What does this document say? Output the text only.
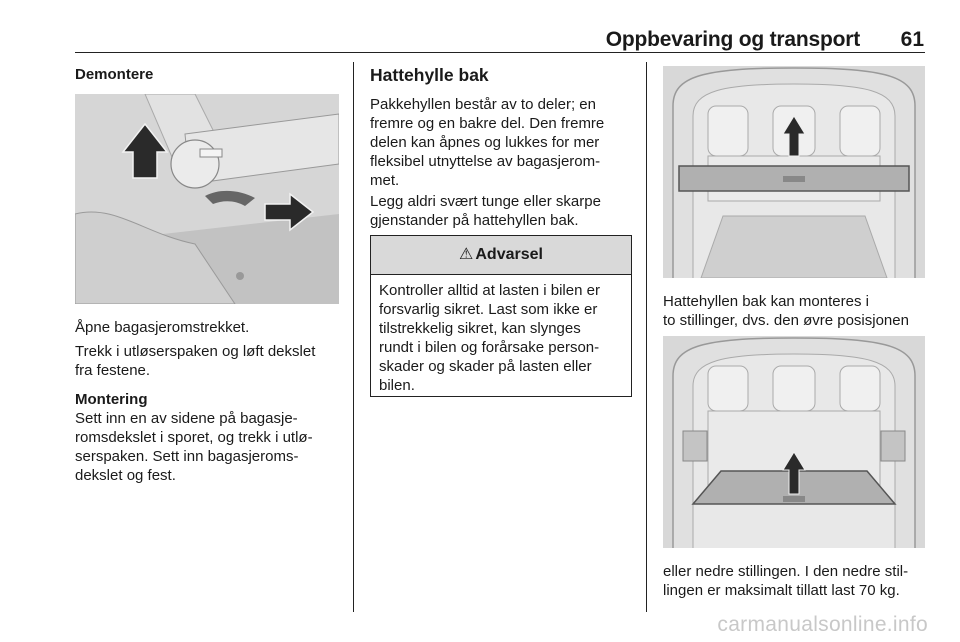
Oppbevaring og transport	61
Demontere
Åpne bagasjeromstrekket.
Trekk i utløserspaken og løft dekslet
fra festene.
Montering
Sett inn en av sidene på bagasje-
romsdekslet i sporet, og trekk i utlø-
serspaken. Sett inn bagasjeroms-
dekslet og fest.
Hattehylle bak
Pakkehyllen består av to deler; en
fremre og en bakre del. Den fremre
delen kan åpnes og lukkes for mer
fleksibel utnyttelse av bagasjerom-
met.
Legg aldri svært tunge eller skarpe
gjenstander på hattehyllen bak.
⚠ Advarsel
Kontroller alltid at lasten i bilen er
forsvarlig sikret. Last som ikke er
tilstrekkelig sikret, kan slynges
rundt i bilen og forårsake person-
skader og skader på lasten eller
bilen.
Hattehyllen bak kan monteres i
to stillinger, dvs. den øvre posisjonen
eller nedre stillingen. I den nedre stil-
lingen er maksimalt tillatt last 70 kg.
carmanualsonline.info
